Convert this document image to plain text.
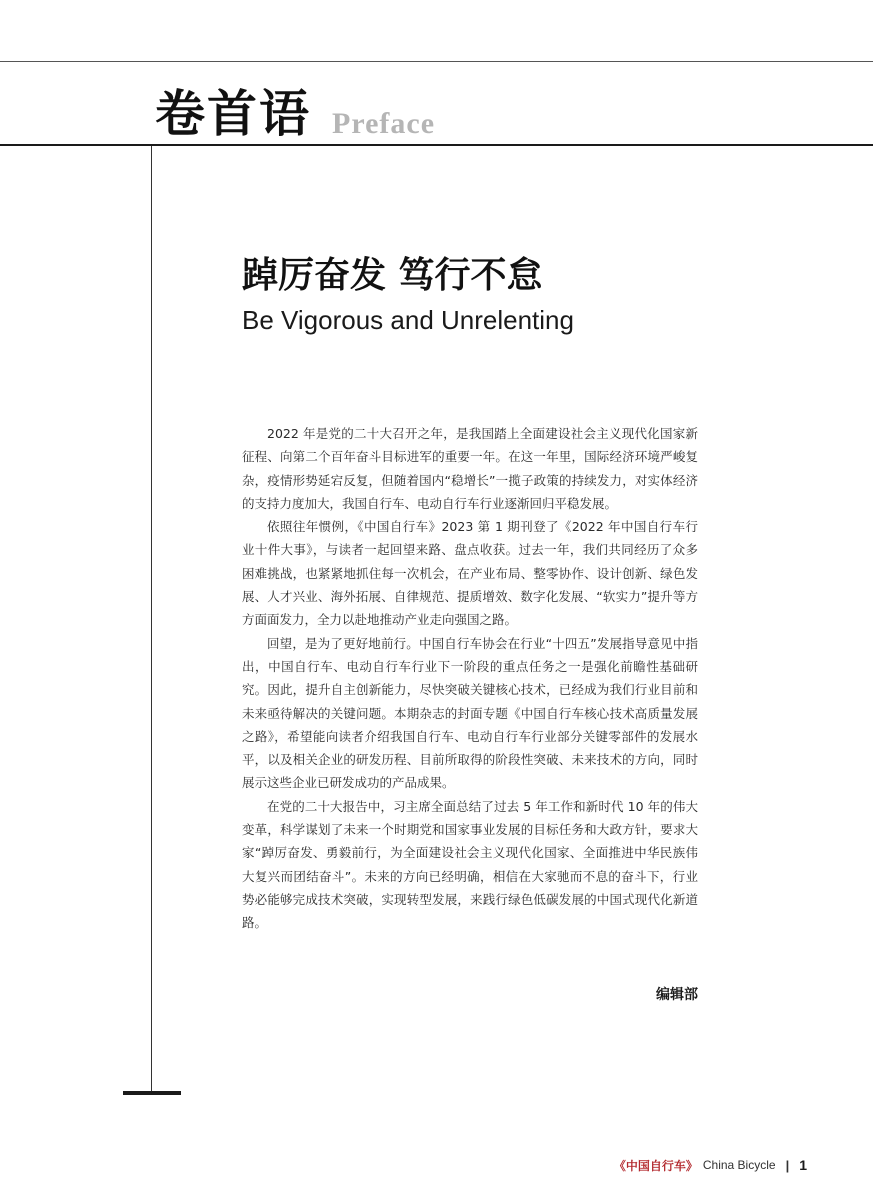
卷首语 Preface
踔厉奋发 笃行不怠
Be Vigorous and Unrelenting

2022 年是党的二十大召开之年，是我国踏上全面建设社会主义现代化国家新征程、向第二个百年奋斗目标进军的重要一年。在这一年里，国际经济环境严峻复杂，疫情形势延宕反复，但随着国内“稳增长”一揽子政策的持续发力，对实体经济的支持力度加大，我国自行车、电动自行车行业逐渐回归平稳发展。

依照往年惯例，《中国自行车》2023 第 1 期刊登了《2022 年中国自行车行业十件大事》，与读者一起回望来路、盘点收获。过去一年，我们共同经历了众多困难挑战，也紧紧地抓住每一次机会，在产业布局、整零协作、设计创新、绿色发展、人才兴业、海外拓展、自律规范、提质增效、数字化发展、“软实力”提升等方方面面发力，全力以赴地推动产业走向强国之路。

回望，是为了更好地前行。中国自行车协会在行业“十四五”发展指导意见中指出，中国自行车、电动自行车行业下一阶段的重点任务之一是强化前瞻性基础研究。因此，提升自主创新能力，尽快突破关键核心技术，已经成为我们行业目前和未来亟待解决的关键问题。本期杂志的封面专题《中国自行车核心技术高质量发展之路》，希望能向读者介绍我国自行车、电动自行车行业部分关键零部件的发展水平，以及相关企业的研发历程、目前所取得的阶段性突破、未来技术的方向，同时展示这些企业已研发成功的产品成果。

在党的二十大报告中，习主席全面总结了过去 5 年工作和新时代 10 年的伟大变革，科学谋划了未来一个时期党和国家事业发展的目标任务和大政方针，要求大家“踔厉奋发、勇毅前行，为全面建设社会主义现代化国家、全面推进中华民族伟大复兴而团结奋斗”。未来的方向已经明确，相信在大家驰而不息的奋斗下，行业势必能够完成技术突破，实现转型发展，来践行绿色低碳发展的中国式现代化新道路。

编辑部
《中国自行车》 China Bicycle | 1
